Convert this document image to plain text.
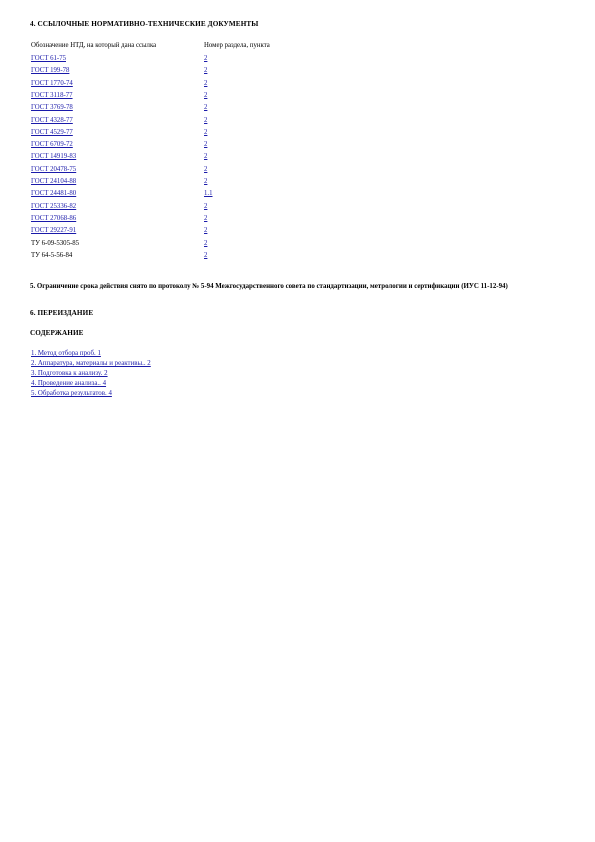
4. ССЫЛОЧНЫЕ НОРМАТИВНО-ТЕХНИЧЕСКИЕ ДОКУМЕНТЫ
Обозначение НТД, на который дана ссылка	Номер раздела, пункта
ГОСТ 61-75	2
ГОСТ 199-78	2
ГОСТ 1770-74	2
ГОСТ 3118-77	2
ГОСТ 3769-78	2
ГОСТ 4328-77	2
ГОСТ 4529-77	2
ГОСТ 6709-72	2
ГОСТ 14919-83	2
ГОСТ 20478-75	2
ГОСТ 24104-88	2
ГОСТ 24481-80	1.1
ГОСТ 25336-82	2
ГОСТ 27068-86	2
ГОСТ 29227-91	2
ТУ 6-09-5305-85	2
ТУ 64-5-56-84	2
5. Ограничение срока действия снято по протоколу № 5-94 Межгосударственного совета по стандартизации, метрологии и сертификации (ИУС 11-12-94)
6. ПЕРЕИЗДАНИЕ
СОДЕРЖАНИЕ
1. Метод отбора проб. 1
2. Аппаратура, материалы и реактивы.. 2
3. Подготовка к анализу. 2
4. Проведение анализа.. 4
5. Обработка результатов. 4
